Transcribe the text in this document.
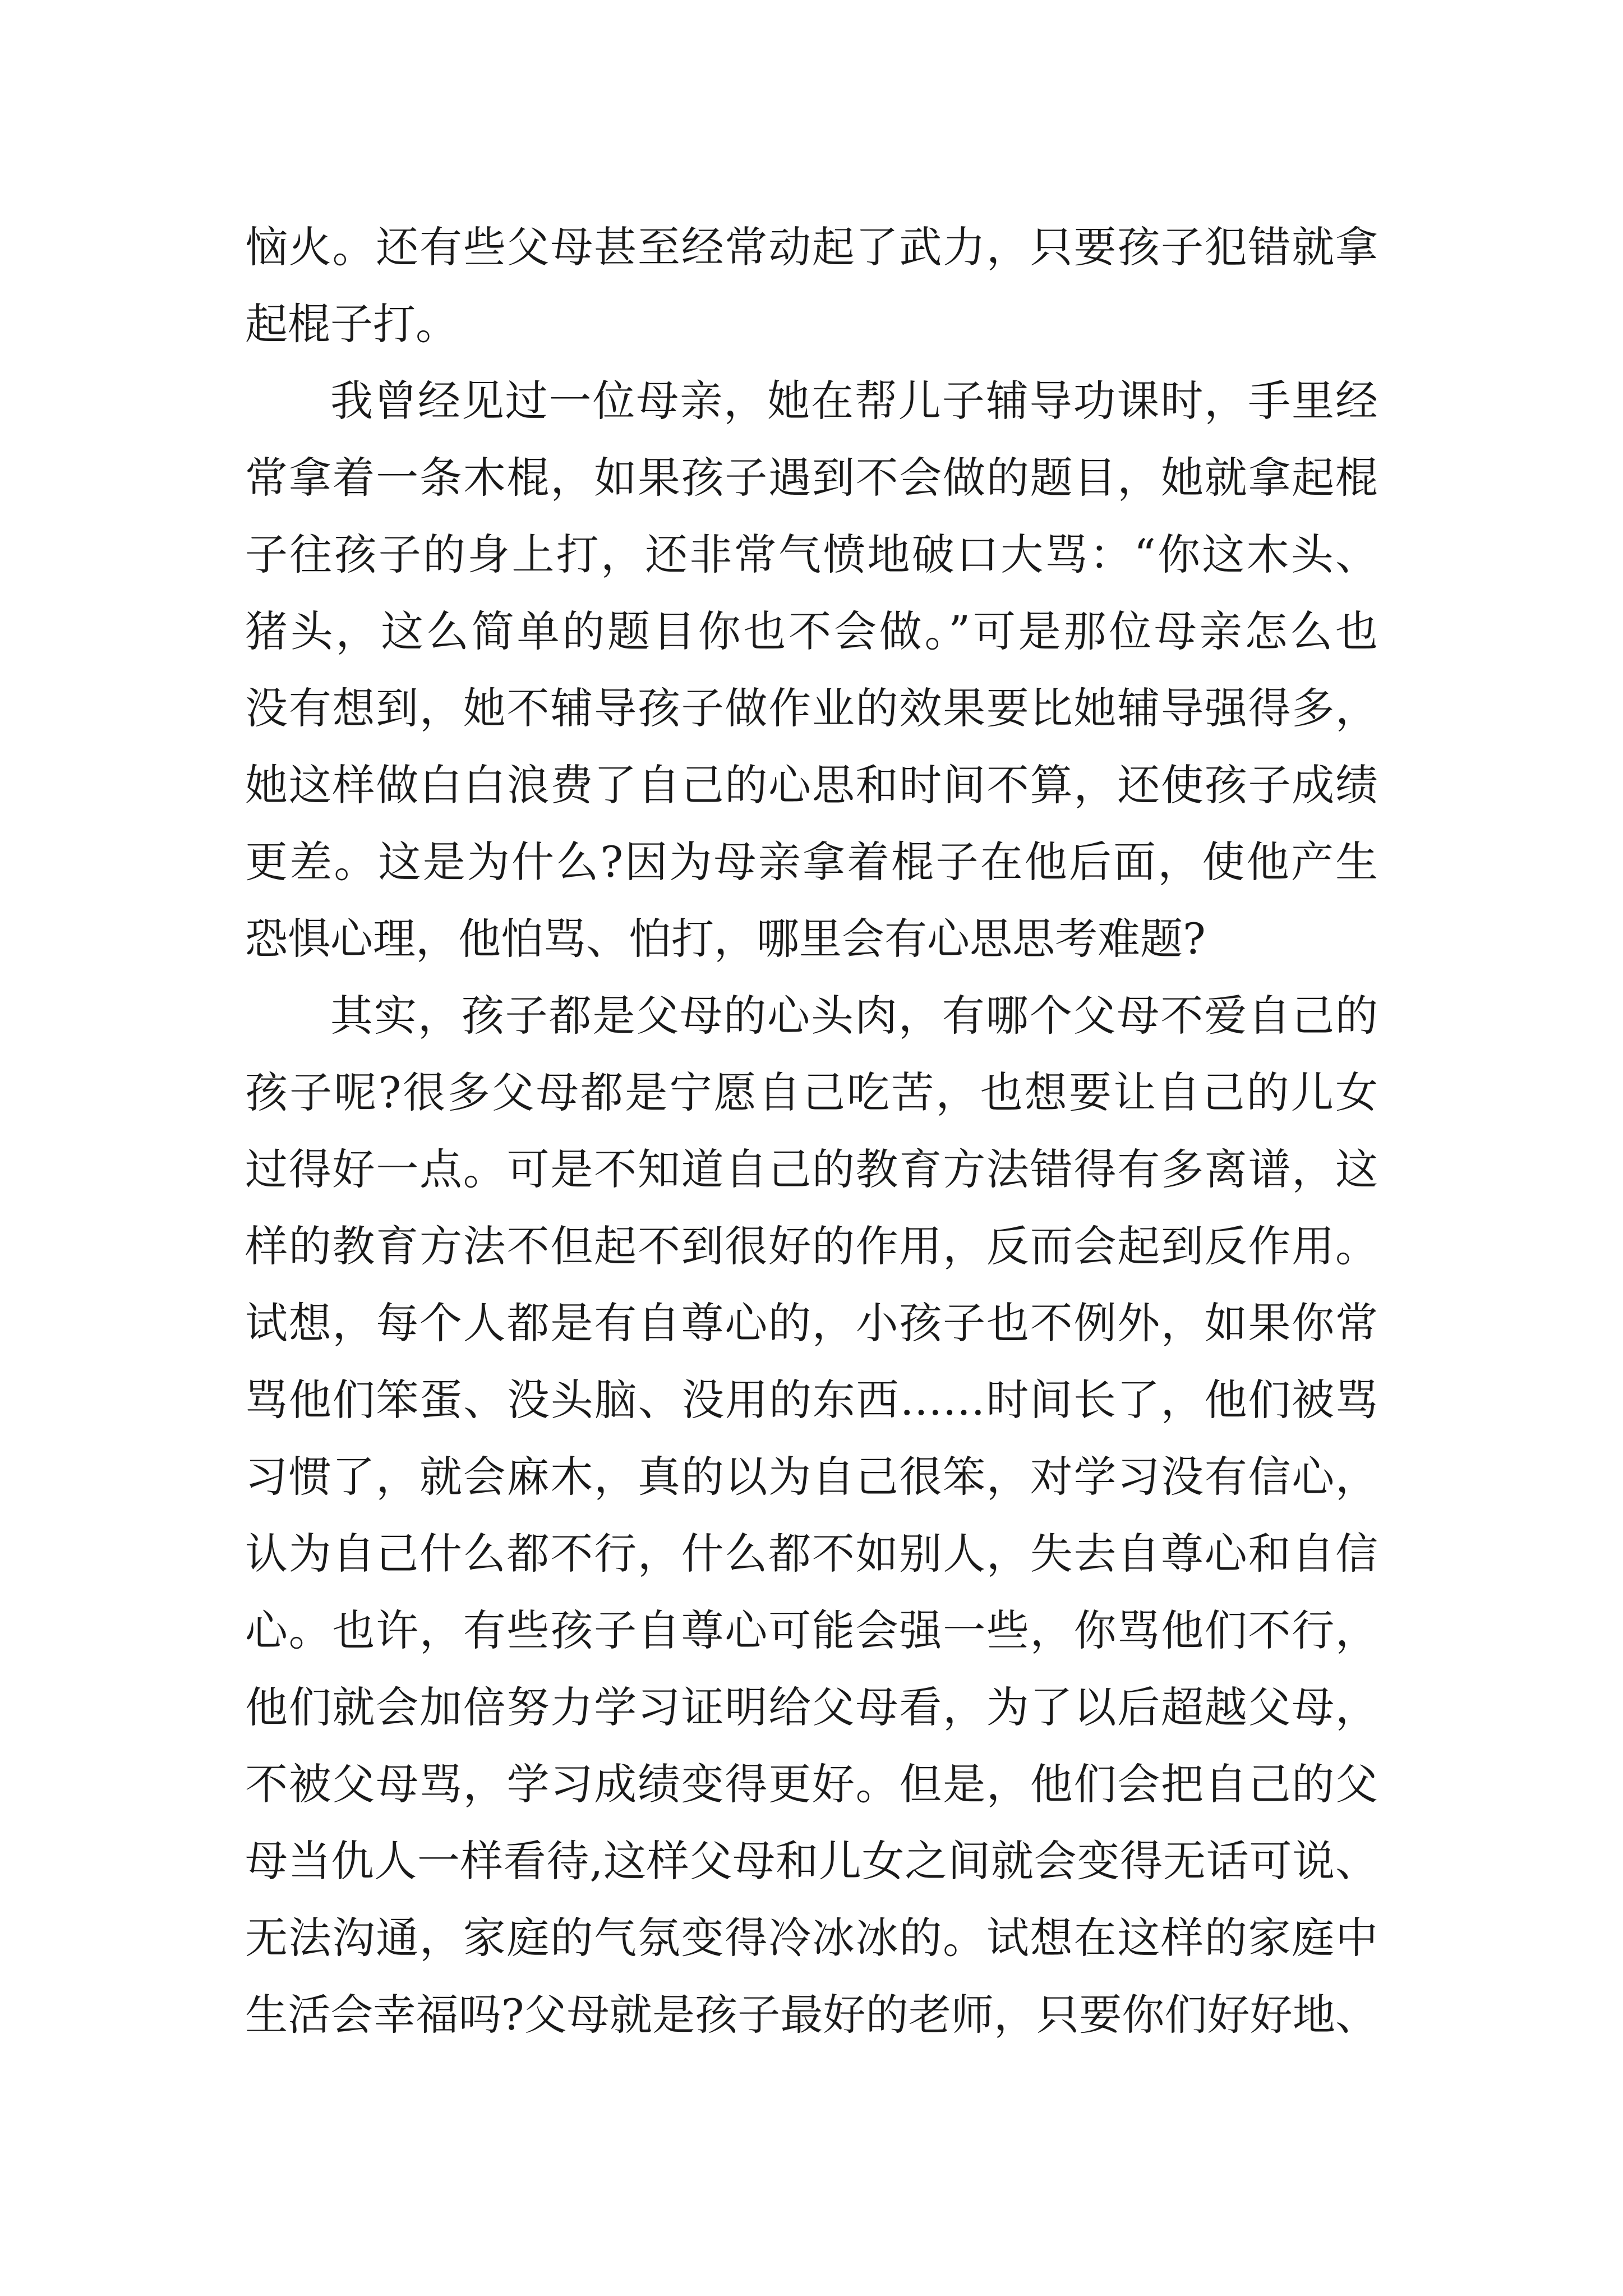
恼火。还有些父母甚至经常动起了武力，只要孩子犯错就拿
起棍子打。
我曾经见过一位母亲，她在帮儿子辅导功课时，手里经
常拿着一条木棍，如果孩子遇到不会做的题目，她就拿起棍
子往孩子的身上打，还非常气愤地破口大骂：“你这木头、
猪头，这么简单的题目你也不会做。”可是那位母亲怎么也
没有想到，她不辅导孩子做作业的效果要比她辅导强得多，
她这样做白白浪费了自己的心思和时间不算，还使孩子成绩
更差。这是为什么?因为母亲拿着棍子在他后面，使他产生
恐惧心理，他怕骂、怕打，哪里会有心思思考难题?
其实，孩子都是父母的心头肉，有哪个父母不爱自己的
孩子呢?很多父母都是宁愿自己吃苦，也想要让自己的儿女
过得好一点。可是不知道自己的教育方法错得有多离谱，这
样的教育方法不但起不到很好的作用，反而会起到反作用。
试想，每个人都是有自尊心的，小孩子也不例外，如果你常
骂他们笨蛋、没头脑、没用的东西……时间长了，他们被骂
习惯了，就会麻木，真的以为自己很笨，对学习没有信心，
认为自己什么都不行，什么都不如别人，失去自尊心和自信
心。也许，有些孩子自尊心可能会强一些，你骂他们不行，
他们就会加倍努力学习证明给父母看，为了以后超越父母，
不被父母骂，学习成绩变得更好。但是，他们会把自己的父
母当仇人一样看待,这样父母和儿女之间就会变得无话可说、
无法沟通，家庭的气氛变得冷冰冰的。试想在这样的家庭中
生活会幸福吗?父母就是孩子最好的老师，只要你们好好地、
